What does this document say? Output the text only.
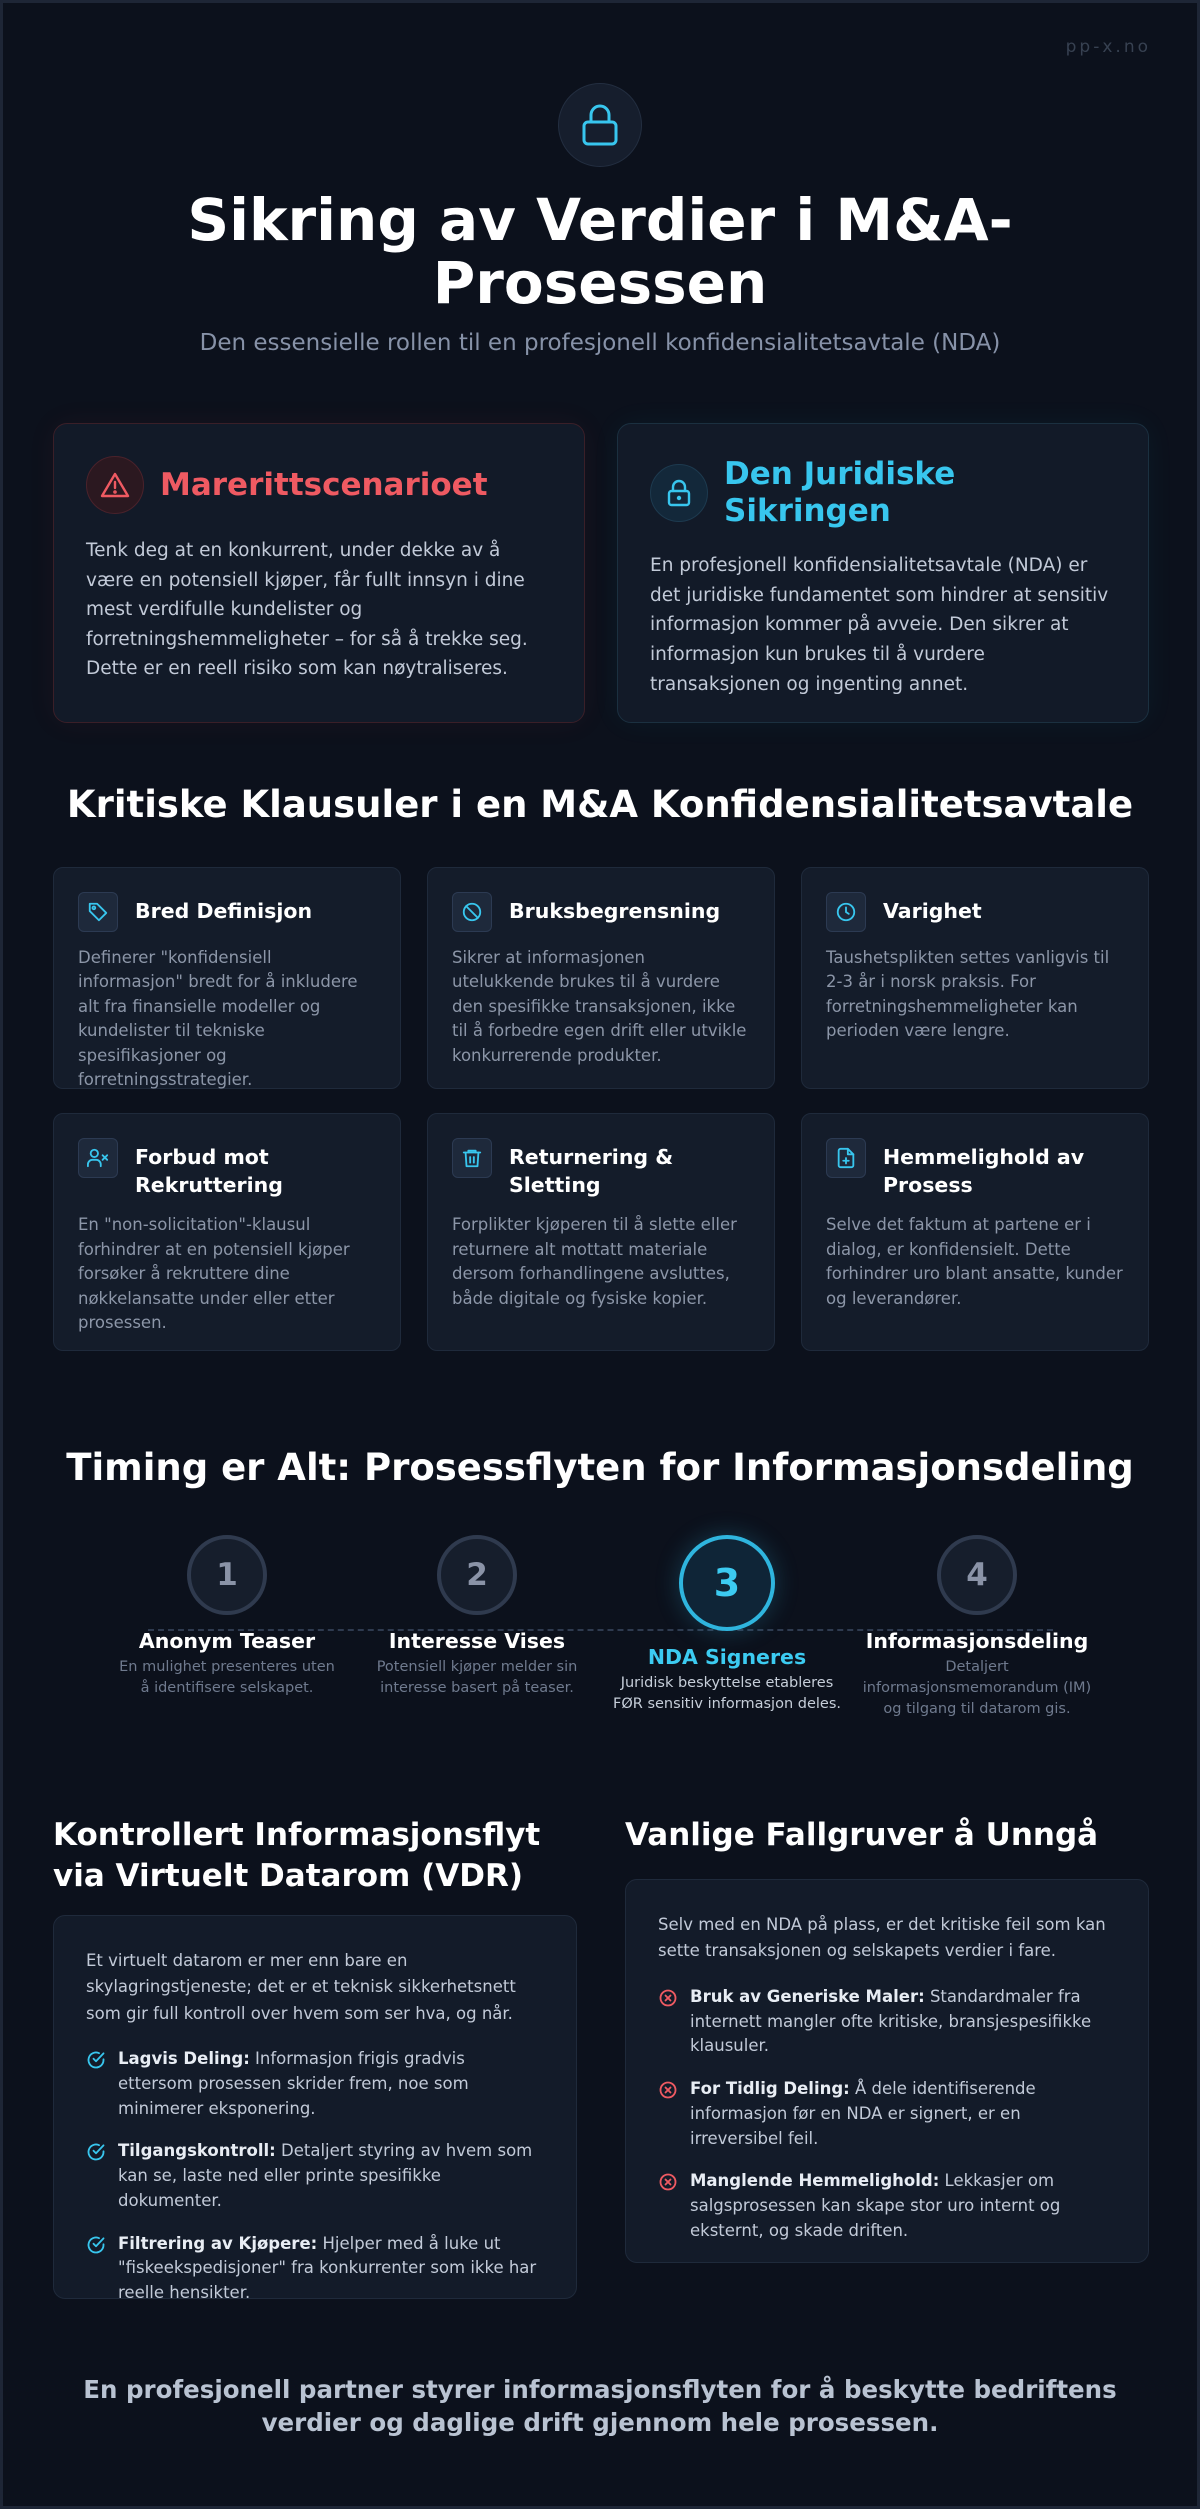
pp-x.no
Sikring av Verdier i M&A-Prosessen
Den essensielle rollen til en profesjonell konfidensialitetsavtale (NDA)
Marerittscenarioet

Tenk deg at en konkurrent, under dekke av å være en potensiell kjøper, får fullt innsyn i dine mest verdifulle kundelister og forretningshemmeligheter – for så å trekke seg. Dette er en reell risiko som kan nøytraliseres.

Den Juridiske Sikringen

En profesjonell konfidensialitetsavtale (NDA) er det juridiske fundamentet som hindrer at sensitiv informasjon kommer på avveie. Den sikrer at informasjon kun brukes til å vurdere transaksjonen og ingenting annet.

Kritiske Klausuler i en M&A Konfidensialitetsavtale
Bred Definisjon

Definerer "konfidensiell informasjon" bredt for å inkludere alt fra finansielle modeller og kundelister til tekniske spesifikasjoner og forretningsstrategier.

Bruksbegrensning

Sikrer at informasjonen utelukkende brukes til å vurdere den spesifikke transaksjonen, ikke til å forbedre egen drift eller utvikle konkurrerende produkter.

Varighet

Taushetsplikten settes vanligvis til 2-3 år i norsk praksis. For forretningshemmeligheter kan perioden være lengre.

Forbud mot Rekruttering

En "non-solicitation"-klausul forhindrer at en potensiell kjøper forsøker å rekruttere dine nøkkelansatte under eller etter prosessen.

Returnering & Sletting

Forplikter kjøperen til å slette eller returnere alt mottatt materiale dersom forhandlingene avsluttes, både digitale og fysiske kopier.

Hemmelighold av Prosess

Selve det faktum at partene er i dialog, er konfidensielt. Dette forhindrer uro blant ansatte, kunder og leverandører.

Timing er Alt: Prosessflyten for Informasjonsdeling
1
Anonym Teaser
En mulighet presenteres uten å identifisere selskapet.
2
Interesse Vises
Potensiell kjøper melder sin interesse basert på teaser.
3
NDA Signeres
Juridisk beskyttelse etableres FØR sensitiv informasjon deles.
4
Informasjonsdeling
Detaljert informasjonsmemorandum (IM) og tilgang til datarom gis.
Kontrollert Informasjonsflyt via Virtuelt Datarom (VDR)

Et virtuelt datarom er mer enn bare en skylagringstjeneste; det er et teknisk sikkerhetsnett som gir full kontroll over hvem som ser hva, og når.

Lagvis Deling: Informasjon frigis gradvis ettersom prosessen skrider frem, noe som minimerer eksponering.

Tilgangskontroll: Detaljert styring av hvem som kan se, laste ned eller printe spesifikke dokumenter.

Filtrering av Kjøpere: Hjelper med å luke ut "fiskeekspedisjoner" fra konkurrenter som ikke har reelle hensikter.

Vanlige Fallgruver å Unngå

Selv med en NDA på plass, er det kritiske feil som kan sette transaksjonen og selskapets verdier i fare.

Bruk av Generiske Maler: Standardmaler fra internett mangler ofte kritiske, bransjespesifikke klausuler.

For Tidlig Deling: Å dele identifiserende informasjon før en NDA er signert, er en irreversibel feil.

Manglende Hemmelighold: Lekkasjer om salgsprosessen kan skape stor uro internt og eksternt, og skade driften.

En profesjonell partner styrer informasjonsflyten for å beskytte bedriftens verdier og daglige drift gjennom hele prosessen.
